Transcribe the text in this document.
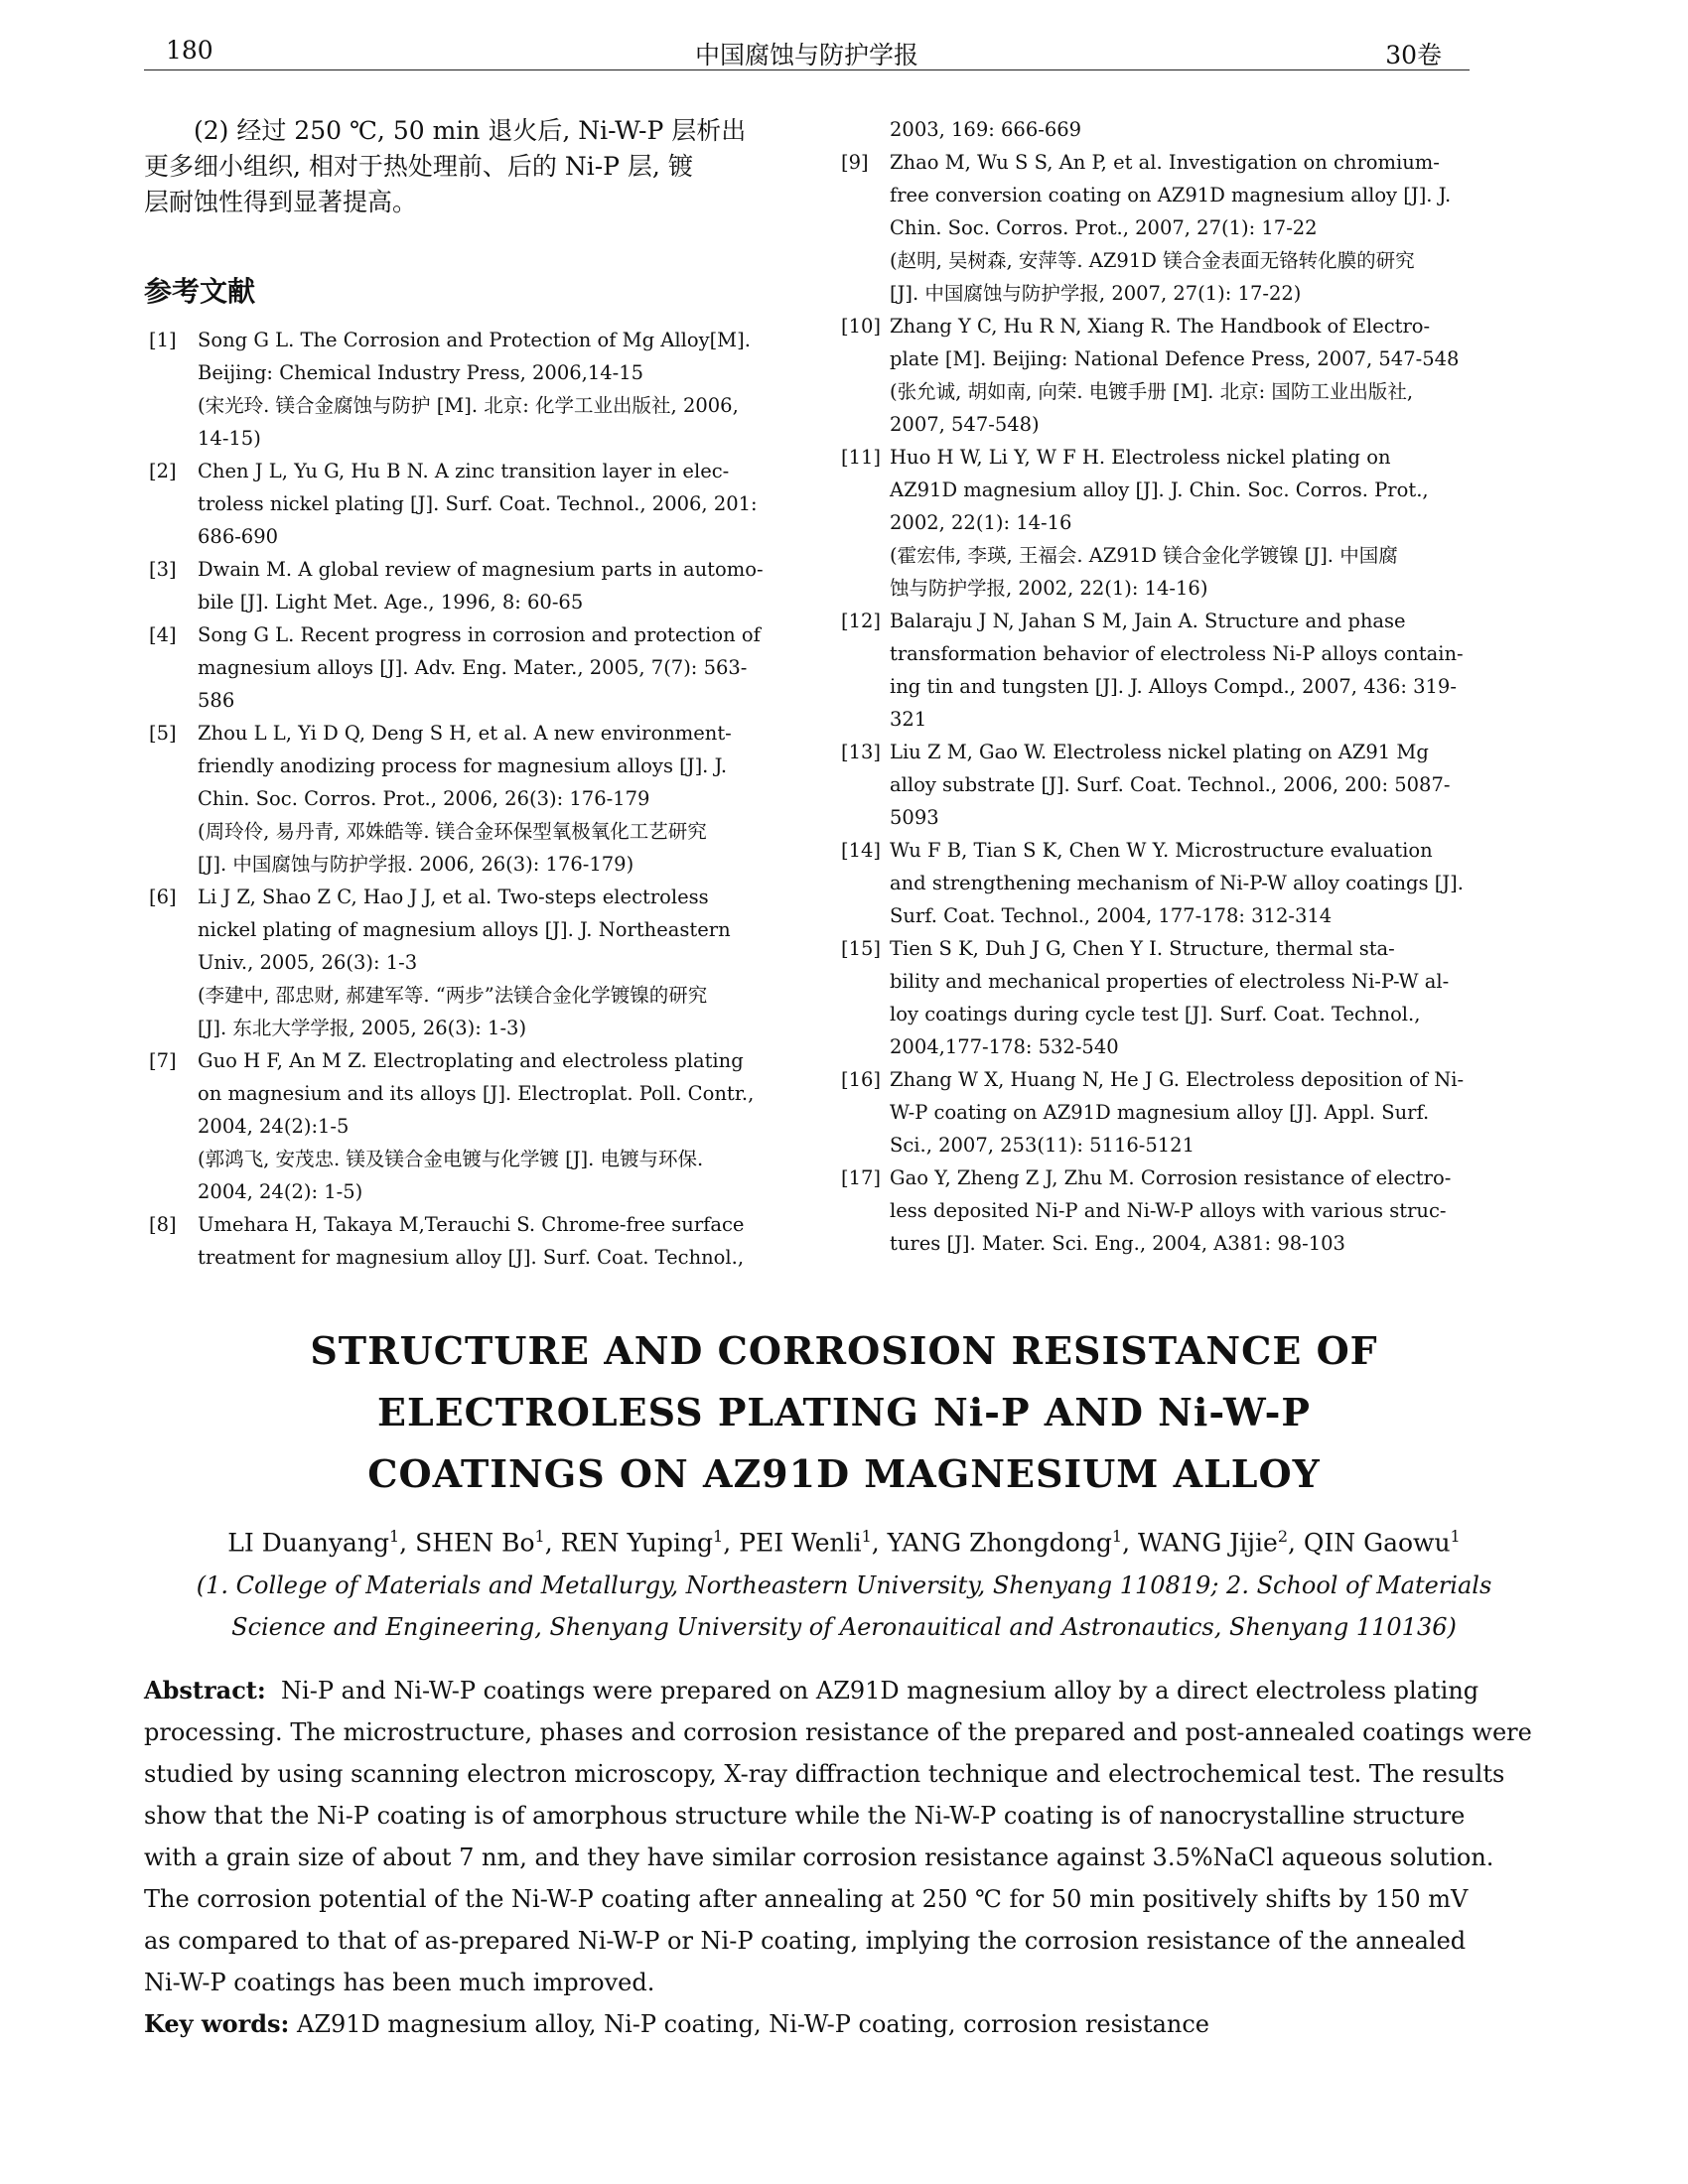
180	中国腐蚀与防护学报	30卷
(2) 经过 250 ℃, 50 min 退火后, Ni-W-P 层析出
更多细小组织, 相对于热处理前、后的 Ni-P 层, 镀
层耐蚀性得到显著提高。
参考文献
[1] Song G L. The Corrosion and Protection of Mg Alloy[M].
Beijing: Chemical Industry Press, 2006,14-15
(宋光玲. 镁合金腐蚀与防护 [M]. 北京: 化学工业出版社, 2006,
14-15)
[2] Chen J L, Yu G, Hu B N. A zinc transition layer in elec-
troless nickel plating [J]. Surf. Coat. Technol., 2006, 201:
686-690
[3] Dwain M. A global review of magnesium parts in automo-
bile [J]. Light Met. Age., 1996, 8: 60-65
[4] Song G L. Recent progress in corrosion and protection of
magnesium alloys [J]. Adv. Eng. Mater., 2005, 7(7): 563-
586
[5] Zhou L L, Yi D Q, Deng S H, et al. A new environment-
friendly anodizing process for magnesium alloys [J]. J.
Chin. Soc. Corros. Prot., 2006, 26(3): 176-179
(周玲伶, 易丹青, 邓姝皓等. 镁合金环保型氧极氧化工艺研究
[J]. 中国腐蚀与防护学报. 2006, 26(3): 176-179)
[6] Li J Z, Shao Z C, Hao J J, et al. Two-steps electroless
nickel plating of magnesium alloys [J]. J. Northeastern
Univ., 2005, 26(3): 1-3
(李建中, 邵忠财, 郝建军等. “两步”法镁合金化学镀镍的研究
[J]. 东北大学学报, 2005, 26(3): 1-3)
[7] Guo H F, An M Z. Electroplating and electroless plating
on magnesium and its alloys [J]. Electroplat. Poll. Contr.,
2004, 24(2):1-5
(郭鸿飞, 安茂忠. 镁及镁合金电镀与化学镀 [J]. 电镀与环保.
2004, 24(2): 1-5)
2003, 169: 666-669
[8] Umehara H, Takaya M,Terauchi S. Chrome-free surface
treatment for magnesium alloy [J]. Surf. Coat. Technol.,
[9] Zhao M, Wu S S, An P, et al. Investigation on chromium-
free conversion coating on AZ91D magnesium alloy [J]. J.
Chin. Soc. Corros. Prot., 2007, 27(1): 17-22
(赵明, 吴树森, 安萍等. AZ91D 镁合金表面无铬转化膜的研究
[J]. 中国腐蚀与防护学报, 2007, 27(1): 17-22)
[10] Zhang Y C, Hu R N, Xiang R. The Handbook of Electro-
plate [M]. Beijing: National Defence Press, 2007, 547-548
(张允诚, 胡如南, 向荣. 电镀手册 [M]. 北京: 国防工业出版社,
2007, 547-548)
[11] Huo H W, Li Y, W F H. Electroless nickel plating on
AZ91D magnesium alloy [J]. J. Chin. Soc. Corros. Prot.,
2002, 22(1): 14-16
(霍宏伟, 李瑛, 王福会. AZ91D 镁合金化学镀镍 [J]. 中国腐
蚀与防护学报, 2002, 22(1): 14-16)
[12] Balaraju J N, Jahan S M, Jain A. Structure and phase
transformation behavior of electroless Ni-P alloys contain-
ing tin and tungsten [J]. J. Alloys Compd., 2007, 436: 319-
321
[13] Liu Z M, Gao W. Electroless nickel plating on AZ91 Mg
alloy substrate [J]. Surf. Coat. Technol., 2006, 200: 5087-
5093
[14] Wu F B, Tian S K, Chen W Y. Microstructure evaluation
and strengthening mechanism of Ni-P-W alloy coatings [J].
Surf. Coat. Technol., 2004, 177-178: 312-314
[15] Tien S K, Duh J G, Chen Y I. Structure, thermal sta-
bility and mechanical properties of electroless Ni-P-W al-
loy coatings during cycle test [J]. Surf. Coat. Technol.,
2004,177-178: 532-540
[16] Zhang W X, Huang N, He J G. Electroless deposition of Ni-
W-P coating on AZ91D magnesium alloy [J]. Appl. Surf.
Sci., 2007, 253(11): 5116-5121
[17] Gao Y, Zheng Z J, Zhu M. Corrosion resistance of electro-
less deposited Ni-P and Ni-W-P alloys with various struc-
tures [J]. Mater. Sci. Eng., 2004, A381: 98-103
STRUCTURE AND CORROSION RESISTANCE OF
ELECTROLESS PLATING Ni-P AND Ni-W-P
COATINGS ON AZ91D MAGNESIUM ALLOY
LI Duanyang$^1$, SHEN Bo$^1$, REN Yuping$^1$, PEI Wenli$^1$, YANG Zhongdong$^1$, WANG Jijie$^2$, QIN Gaowu$^1$
(1. College of Materials and Metallurgy, Northeastern University, Shenyang 110819; 2. School of Materials
Science and Engineering, Shenyang University of Aeronauitical and Astronautics, Shenyang 110136)
Abstract: Ni-P and Ni-W-P coatings were prepared on AZ91D magnesium alloy by a direct electroless plating
processing. The microstructure, phases and corrosion resistance of the prepared and post-annealed coatings were
studied by using scanning electron microscopy, X-ray diffraction technique and electrochemical test. The results
show that the Ni-P coating is of amorphous structure while the Ni-W-P coating is of nanocrystalline structure
with a grain size of about 7 nm, and they have similar corrosion resistance against 3.5%NaCl aqueous solution.
The corrosion potential of the Ni-W-P coating after annealing at 250 ℃ for 50 min positively shifts by 150 mV
as compared to that of as-prepared Ni-W-P or Ni-P coating, implying the corrosion resistance of the annealed
Ni-W-P coatings has been much improved.
Key words: AZ91D magnesium alloy, Ni-P coating, Ni-W-P coating, corrosion resistance
